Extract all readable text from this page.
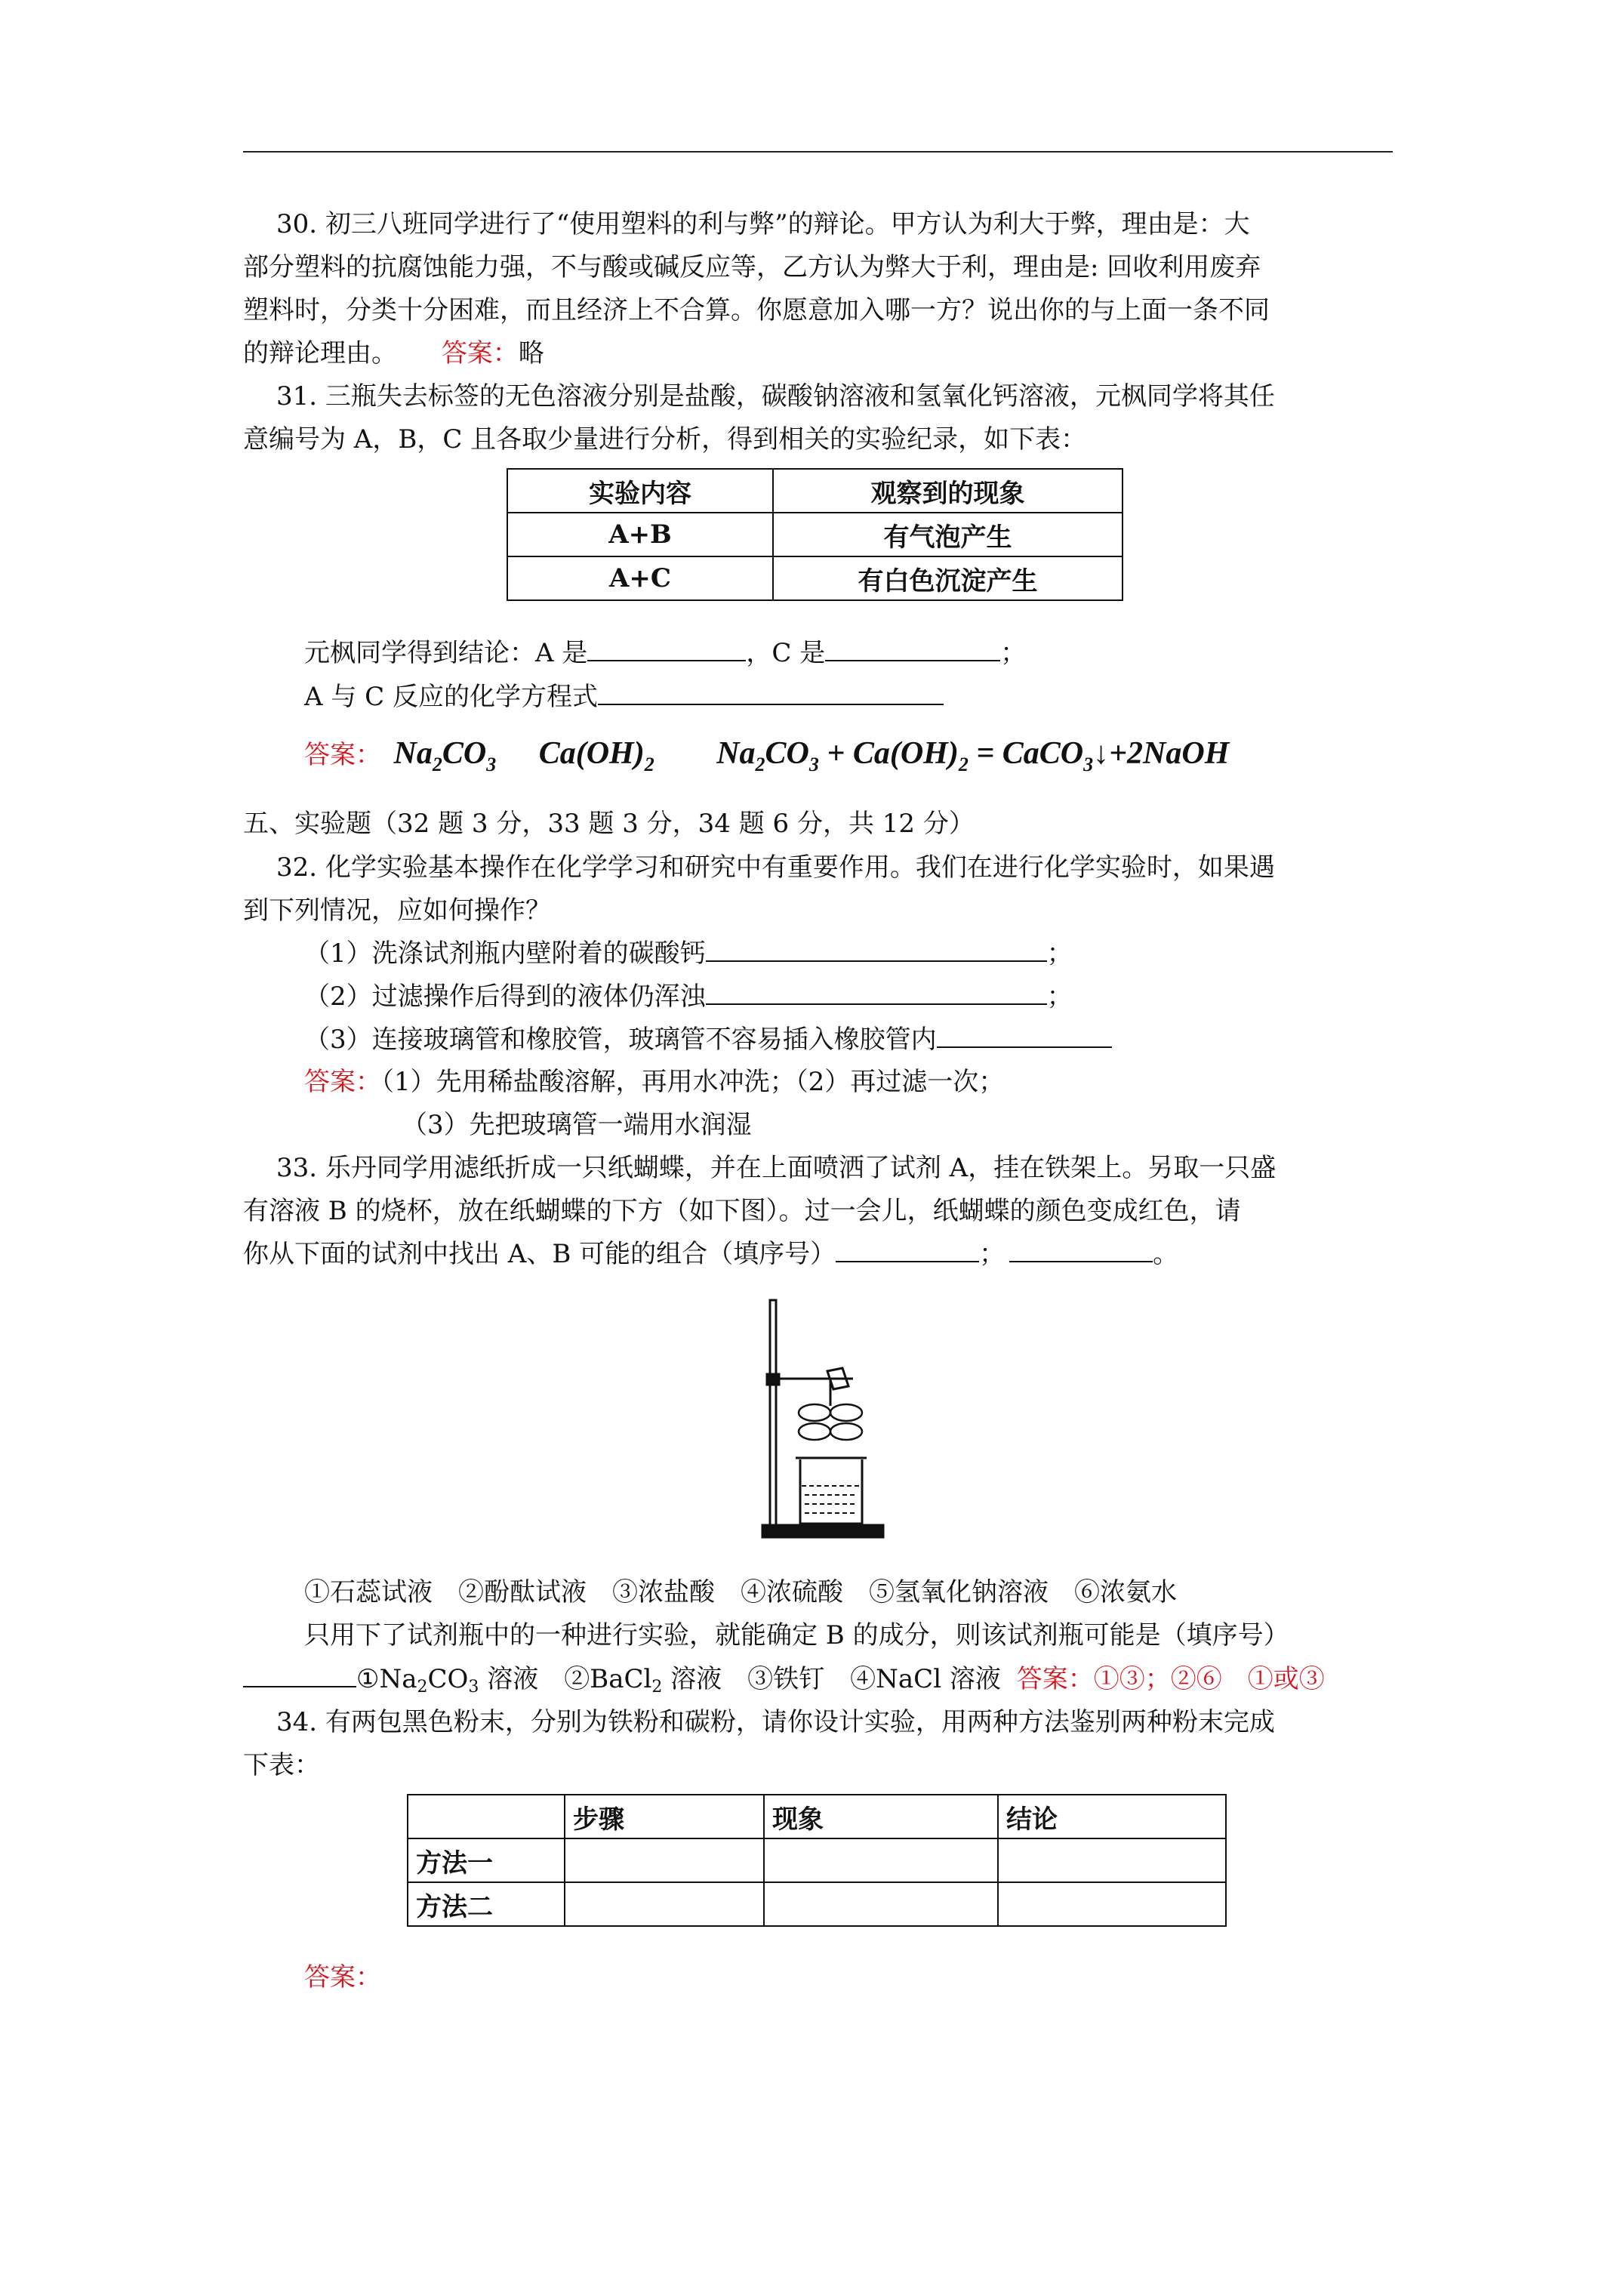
30. 初三八班同学进行了“使用塑料的利与弊”的辩论。甲方认为利大于弊，理由是：大
部分塑料的抗腐蚀能力强，不与酸或碱反应等，乙方认为弊大于利，理由是: 回收利用废弃
塑料时，分类十分困难，而且经济上不合算。你愿意加入哪一方？说出你的与上面一条不同
的辩论理由。 答案：略
31. 三瓶失去标签的无色溶液分别是盐酸，碳酸钠溶液和氢氧化钙溶液，元枫同学将其任
意编号为 A，B，C 且各取少量进行分析，得到相关的实验纪录，如下表：
实验内容	观察到的现象
A+B	有气泡产生
A+C	有白色沉淀产生
元枫同学得到结论：A 是	，C 是	；
A 与 C 反应的化学方程式
答案： $Na_2CO_3$ $Ca(OH)_2$ $Na_2CO_3 + Ca(OH)_2$ = CaCO$_3$↓+2NaOH
五、实验题（32 题 3 分，33 题 3 分，34 题 6 分，共 12 分）
32. 化学实验基本操作在化学学习和研究中有重要作用。我们在进行化学实验时，如果遇
到下列情况，应如何操作？
（1）洗涤试剂瓶内壁附着的碳酸钙	；
（2）过滤操作后得到的液体仍浑浊	；
（3）连接玻璃管和橡胶管，玻璃管不容易插入橡胶管内
答案：（1）先用稀盐酸溶解，再用水冲洗；（2）再过滤一次；
（3）先把玻璃管一端用水润湿
33. 乐丹同学用滤纸折成一只纸蝴蝶，并在上面喷洒了试剂 A，挂在铁架上。另取一只盛
有溶液 B 的烧杯，放在纸蝴蝶的下方（如下图）。过一会儿，纸蝴蝶的颜色变成红色，请
你从下面的试剂中找出 A、B 可能的组合（填序号）	；	。
①石蕊试液　②酚酞试液　③浓盐酸　④浓硫酸　⑤氢氧化钠溶液　⑥浓氨水
只用下了试剂瓶中的一种进行实验，就能确定 B 的成分，则该试剂瓶可能是（填序号）
$①Na_2CO_3$ 溶液　②BaCl$_2$ 溶液　③铁钉　④NaCl 溶液 答案：①③；②⑥　①或③
34. 有两包黑色粉末，分别为铁粉和碳粉，请你设计实验，用两种方法鉴别两种粉末完成
下表：
	步骤	现象	结论
方法一			
方法二			
答案：
